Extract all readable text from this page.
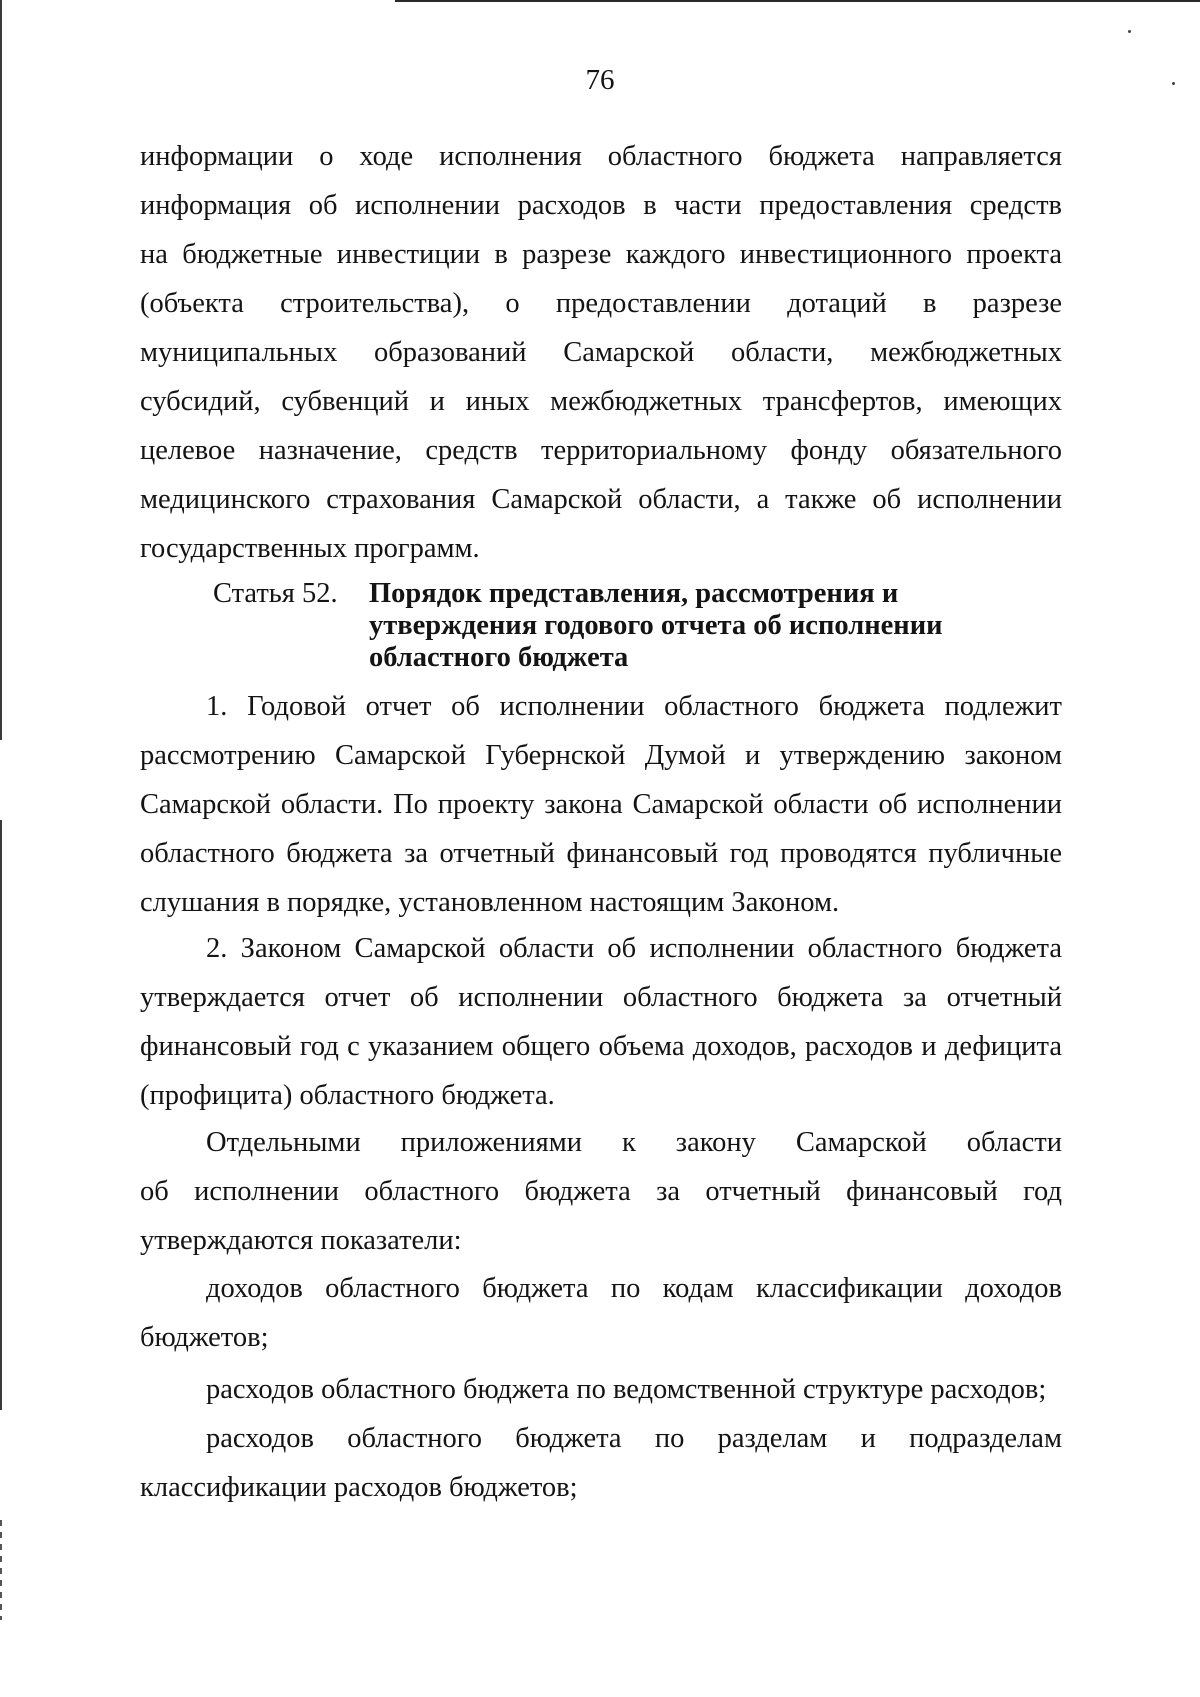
76
информации о ходе исполнения областного бюджета направляется
информация об исполнении расходов в части предоставления средств
на бюджетные инвестиции в разрезе каждого инвестиционного проекта
(объекта строительства), о предоставлении дотаций в разрезе
муниципальных образований Самарской области, межбюджетных
субсидий, субвенций и иных межбюджетных трансфертов, имеющих
целевое назначение, средств территориальному фонду обязательного
медицинского страхования Самарской области, а также об исполнении
государственных программ.
Статья 52.	Порядок представления, рассмотрения и
утверждения годового отчета об исполнении
областного бюджета
1. Годовой отчет об исполнении областного бюджета подлежит
рассмотрению Самарской Губернской Думой и утверждению законом
Самарской области. По проекту закона Самарской области об исполнении
областного бюджета за отчетный финансовый год проводятся публичные
слушания в порядке, установленном настоящим Законом.
2. Законом Самарской области об исполнении областного бюджета
утверждается отчет об исполнении областного бюджета за отчетный
финансовый год с указанием общего объема доходов, расходов и дефицита
(профицита) областного бюджета.
Отдельными приложениями к закону Самарской области
об исполнении областного бюджета за отчетный финансовый год
утверждаются показатели:
доходов областного бюджета по кодам классификации доходов
бюджетов;
расходов областного бюджета по ведомственной структуре расходов;
расходов областного бюджета по разделам и подразделам
классификации расходов бюджетов;
